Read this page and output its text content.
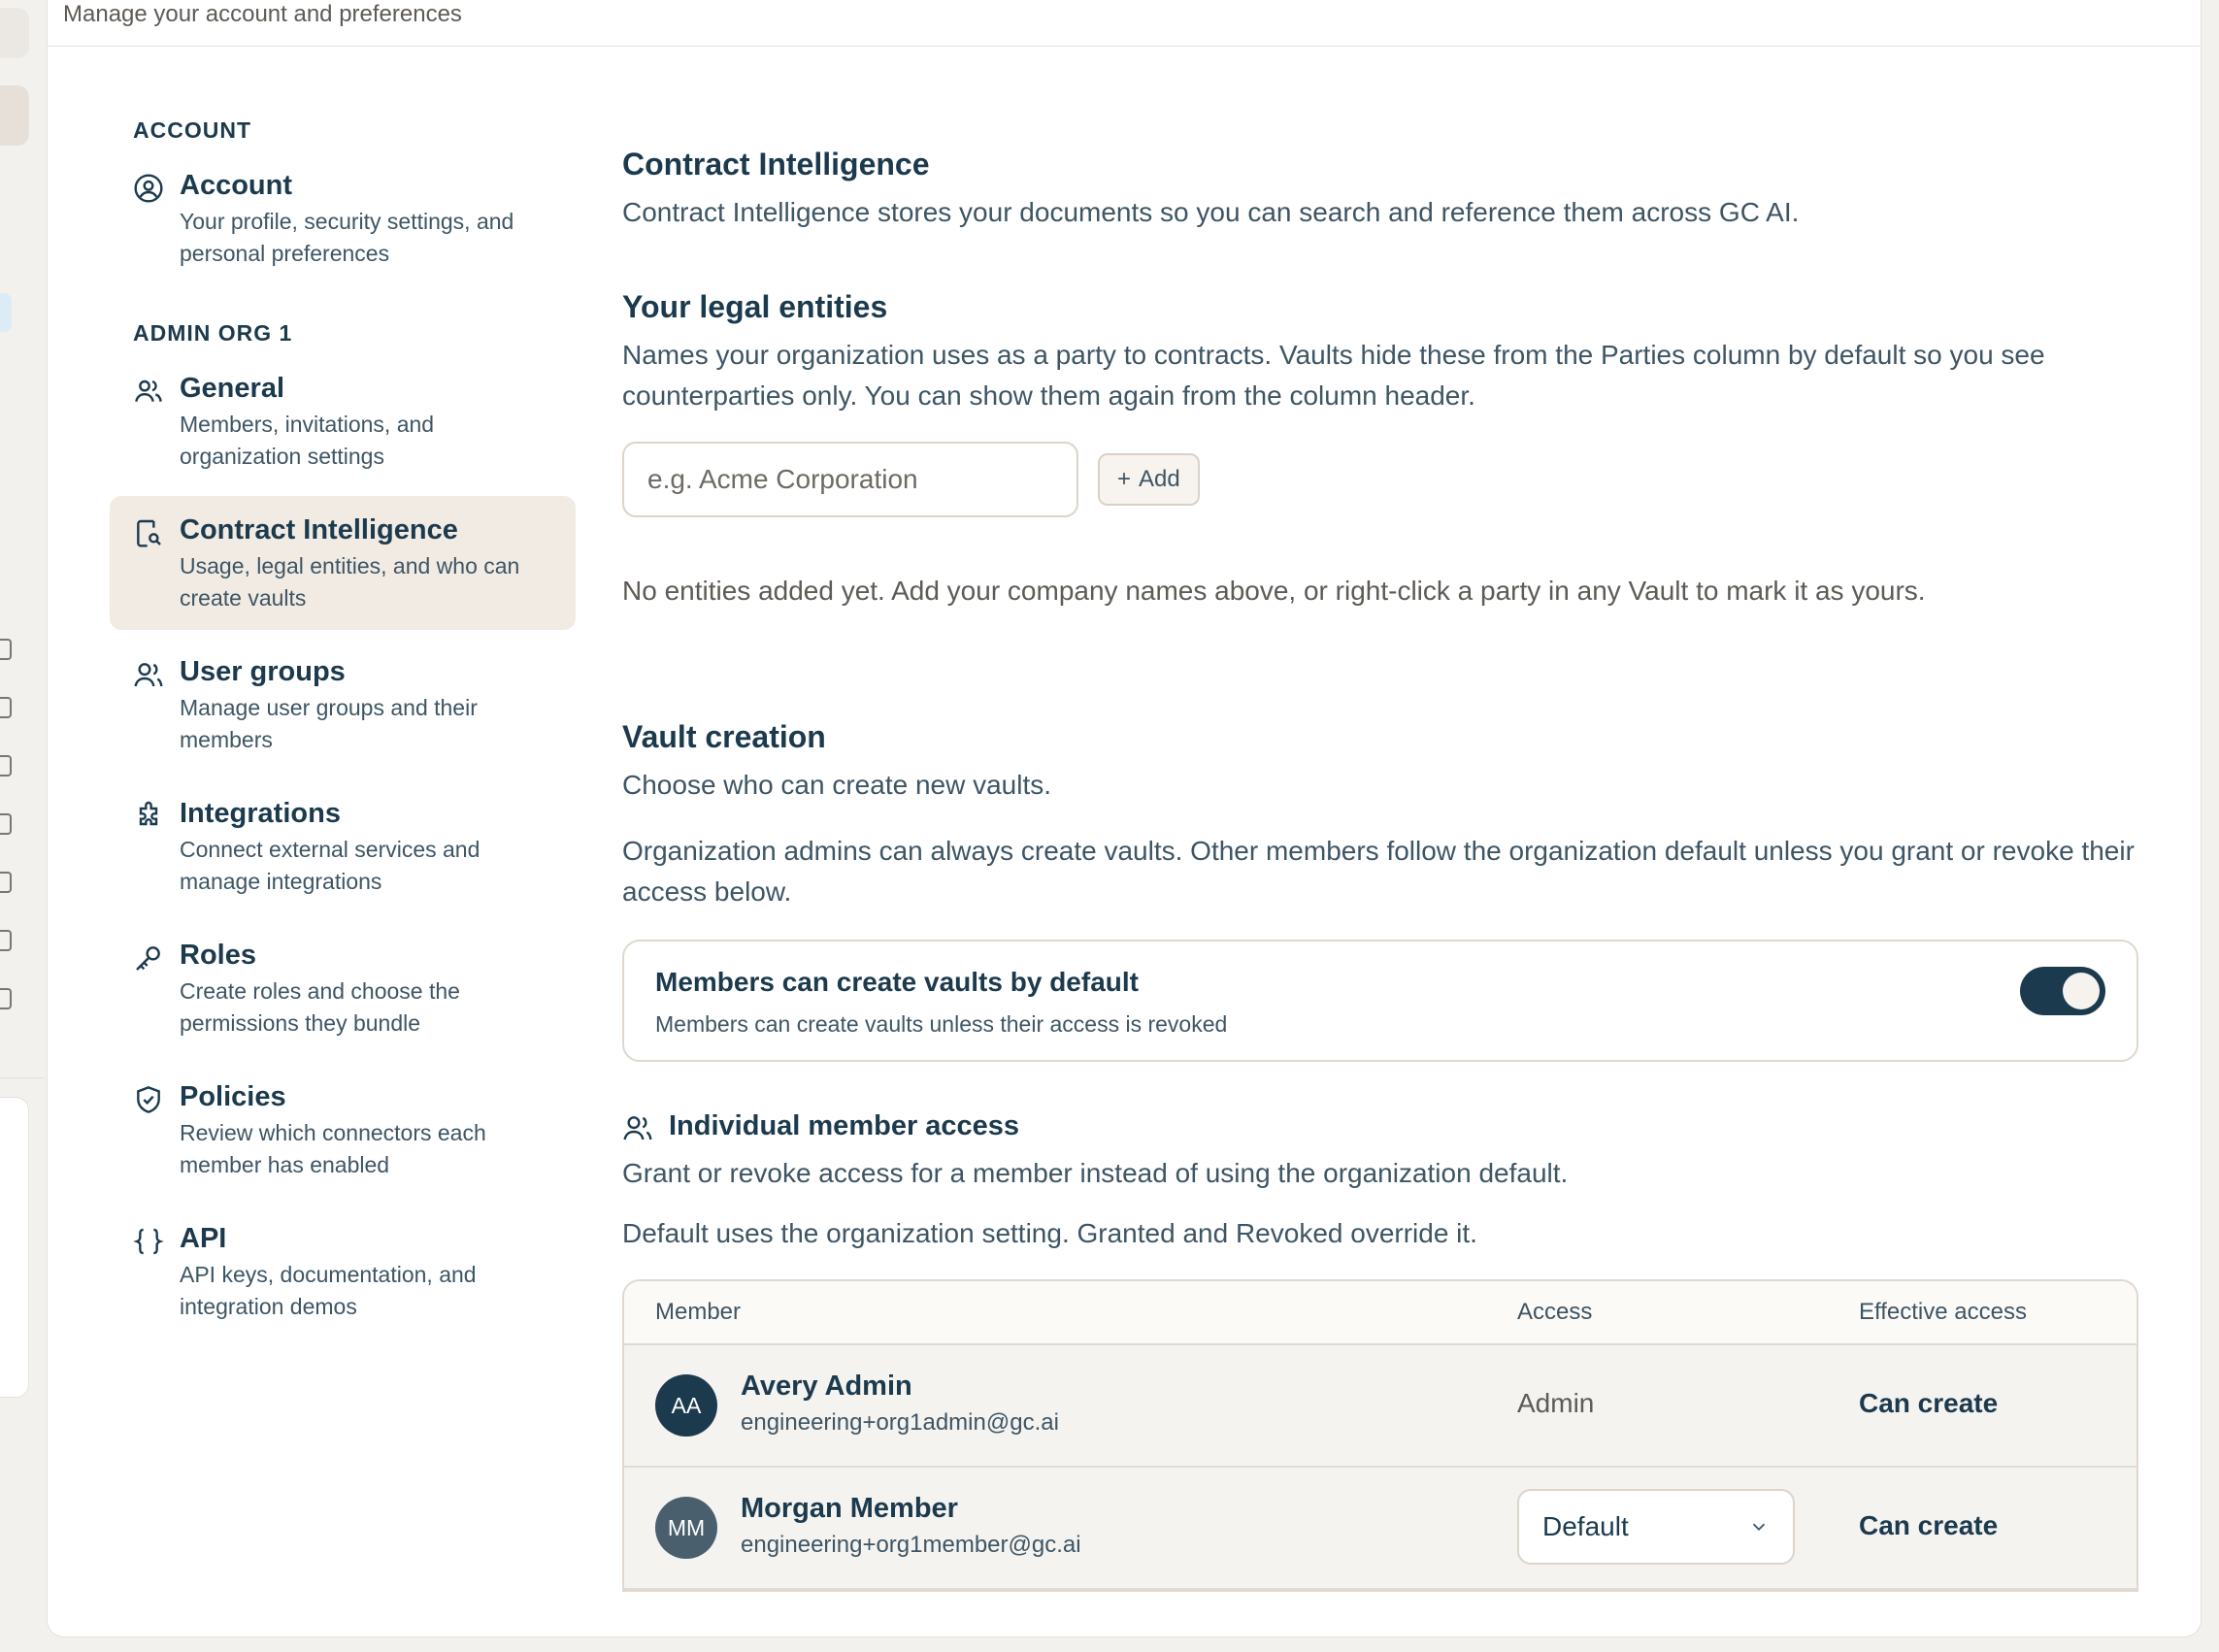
Manage your account and preferences
ACCOUNT
Account
Your profile, security settings, and personal preferences
ADMIN ORG 1
General
Members, invitations, and organization settings
Contract Intelligence
Usage, legal entities, and who can create vaults
User groups
Manage user groups and their members
Integrations
Connect external services and manage integrations
Roles
Create roles and choose the permissions they bundle
Policies
Review which connectors each member has enabled
API
API keys, documentation, and integration demos
Contract Intelligence

Contract Intelligence stores your documents so you can search and reference them across GC AI.

Your legal entities

Names your organization uses as a party to contracts. Vaults hide these from the Parties column by default so you see counterparties only. You can show them again from the column header.

e.g. Acme Corporation
+ Add
No entities added yet. Add your company names above, or right-click a party in any Vault to mark it as yours.
Vault creation

Choose who can create new vaults.

Organization admins can always create vaults. Other members follow the organization default unless you grant or revoke their access below.

Members can create vaults by default
Members can create vaults unless their access is revoked
Individual member access

Grant or revoke access for a member instead of using the organization default.

Default uses the organization setting. Granted and Revoked override it.

Member	Access	Effective access
AA
Avery Admin
engineering+org1admin@gc.ai
Admin	Can create
MM
Morgan Member
engineering+org1member@gc.ai
Default	Can create
